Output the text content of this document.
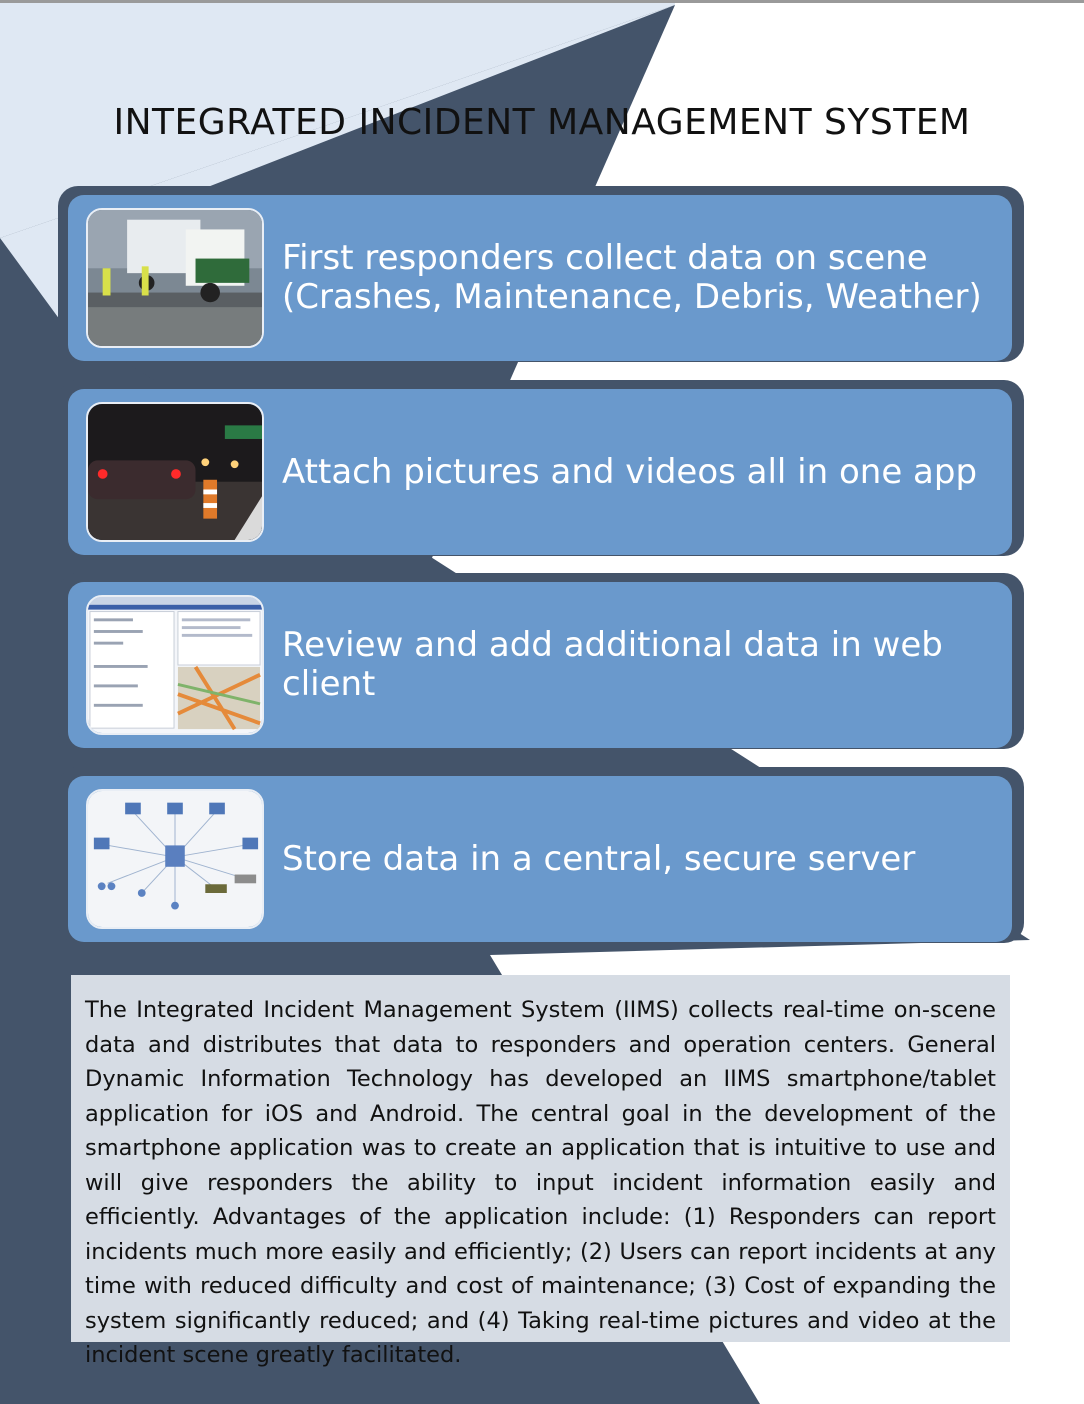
INTEGRATED INCIDENT MANAGEMENT SYSTEM
First responders collect data on scene
(Crashes, Maintenance, Debris, Weather)
Attach pictures and videos all in one app
Review and add additional data in web client
Store data in a central, secure server

The Integrated Incident Management System (IIMS) collects real-time on-scene data and distributes that data to responders and operation centers. General Dynamic Information Technology has developed an IIMS smartphone/tablet application for iOS and Android. The central goal in the development of the smartphone application was to create an application that is intuitive to use and will give responders the ability to input incident information easily and efficiently. Advantages of the application include: (1) Responders can report incidents much more easily and efficiently; (2) Users can report incidents at any time with reduced difficulty and cost of maintenance; (3) Cost of expanding the system significantly reduced; and (4) Taking real-time pictures and video at the incident scene greatly facilitated.
